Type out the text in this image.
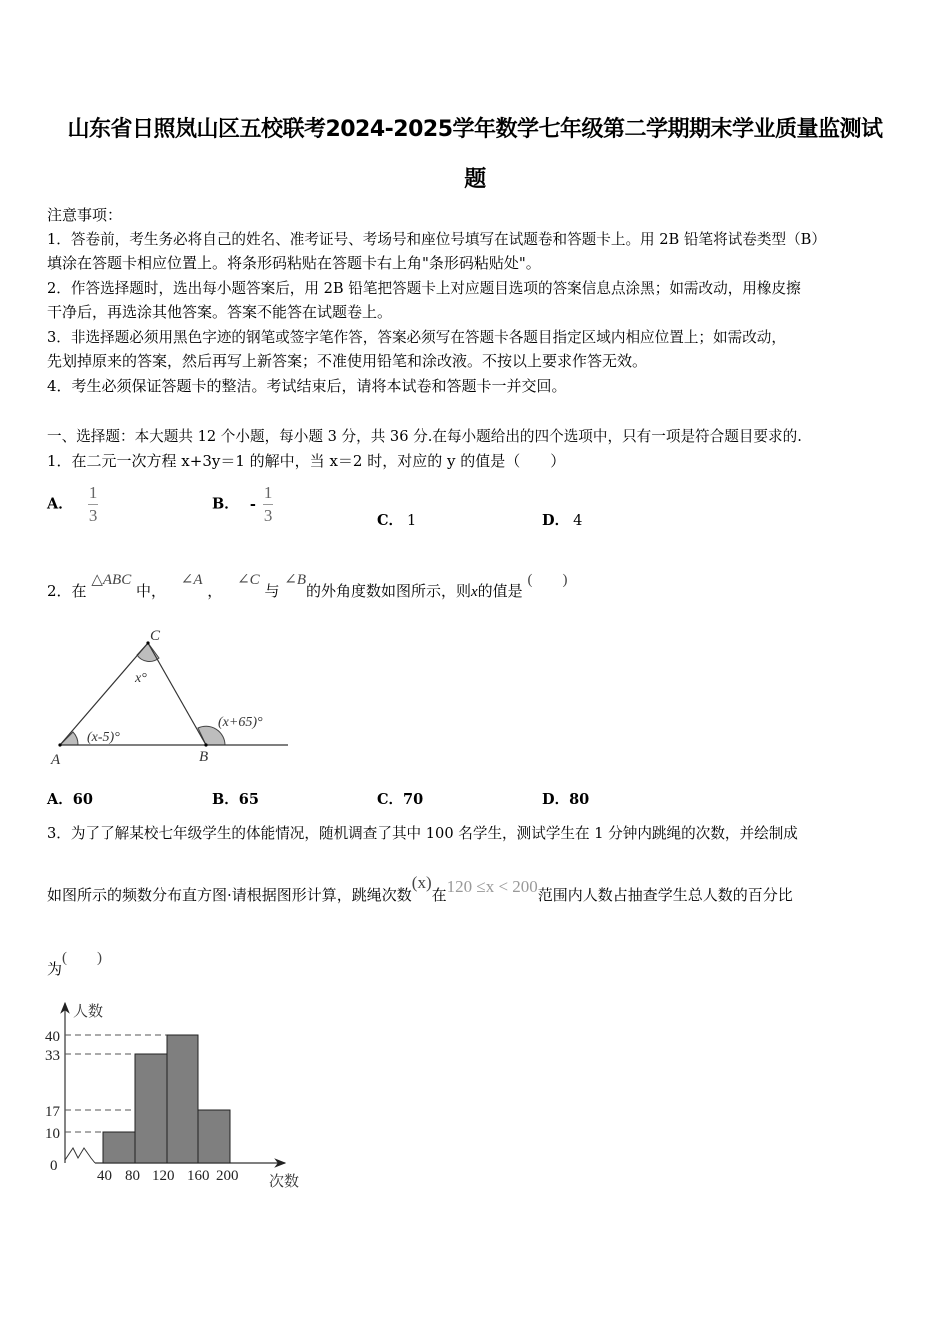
山东省日照岚山区五校联考2024-2025学年数学七年级第二学期期末学业质量监测试
题
注意事项：
1．答卷前，考生务必将自己的姓名、准考证号、考场号和座位号填写在试题卷和答题卡上。用 2B 铅笔将试卷类型（B）
填涂在答题卡相应位置上。将条形码粘贴在答题卡右上角"条形码粘贴处"。
2．作答选择题时，选出每小题答案后，用 2B 铅笔把答题卡上对应题目选项的答案信息点涂黑；如需改动，用橡皮擦
干净后，再选涂其他答案。答案不能答在试题卷上。
3．非选择题必须用黑色字迹的钢笔或签字笔作答，答案必须写在答题卡各题目指定区域内相应位置上；如需改动，
先划掉原来的答案，然后再写上新答案；不准使用铅笔和涂改液。不按以上要求作答无效。
4．考生必须保证答题卡的整洁。考试结束后，请将本试卷和答题卡一并交回。
一、选择题：本大题共 12 个小题，每小题 3 分，共 36 分.在每小题给出的四个选项中，只有一项是符合题目要求的.
1．在二元一次方程 x+3y＝1 的解中，当 x＝2 时，对应的 y 的值是（　　）
A． $\frac{1}{3}$	B． - $\frac{1}{3}$	C． 1	D． 4
2．在 △ABC 中， ∠A ， ∠C 与 ∠B的外角度数如图所示，则x的值是 (　　)
C
A	B
x°
(x-5)°
(x+65)°
A．60	B．65	C．70	D．80
3．为了了解某校七年级学生的体能情况，随机调查了其中 100 名学生，测试学生在 1 分钟内跳绳的次数，并绘制成
如图所示的频数分布直方图·请根据图形计算，跳绳次数(x)在120 ≤x < 200范围内人数占抽查学生总人数的百分比
为(　　)
40
33
17
10
0
40 80 120 160 200
人数
次数
